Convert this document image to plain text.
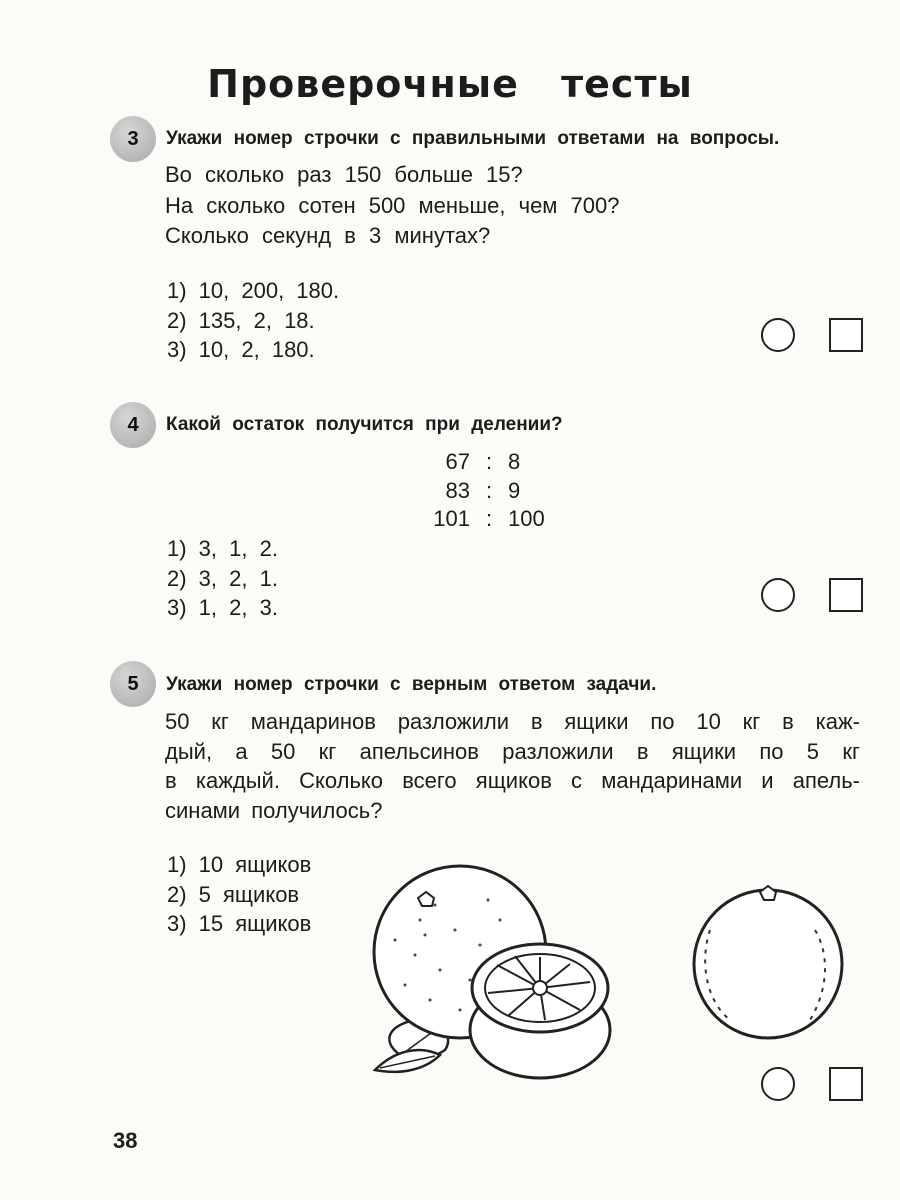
Проверочные тесты
3	Укажи номер строчки с правильными ответами на вопросы.
Во сколько раз 150 больше 15?
На сколько сотен 500 меньше, чем 700?
Сколько секунд в 3 минутах?
1) 10, 200, 180.
2) 135, 2, 18.
3) 10, 2, 180.
4	Какой остаток получится при делении?
67 : 8
83 : 9
101 : 100
1) 3, 1, 2.
2) 3, 2, 1.
3) 1, 2, 3.
5	Укажи номер строчки с верным ответом задачи.
50 кг мандаринов разложили в ящики по 10 кг в каж-
дый, а 50 кг апельсинов разложили в ящики по 5 кг
в каждый. Сколько всего ящиков с мандаринами и апель-
синами получилось?
1) 10 ящиков
2) 5 ящиков
3) 15 ящиков
38
